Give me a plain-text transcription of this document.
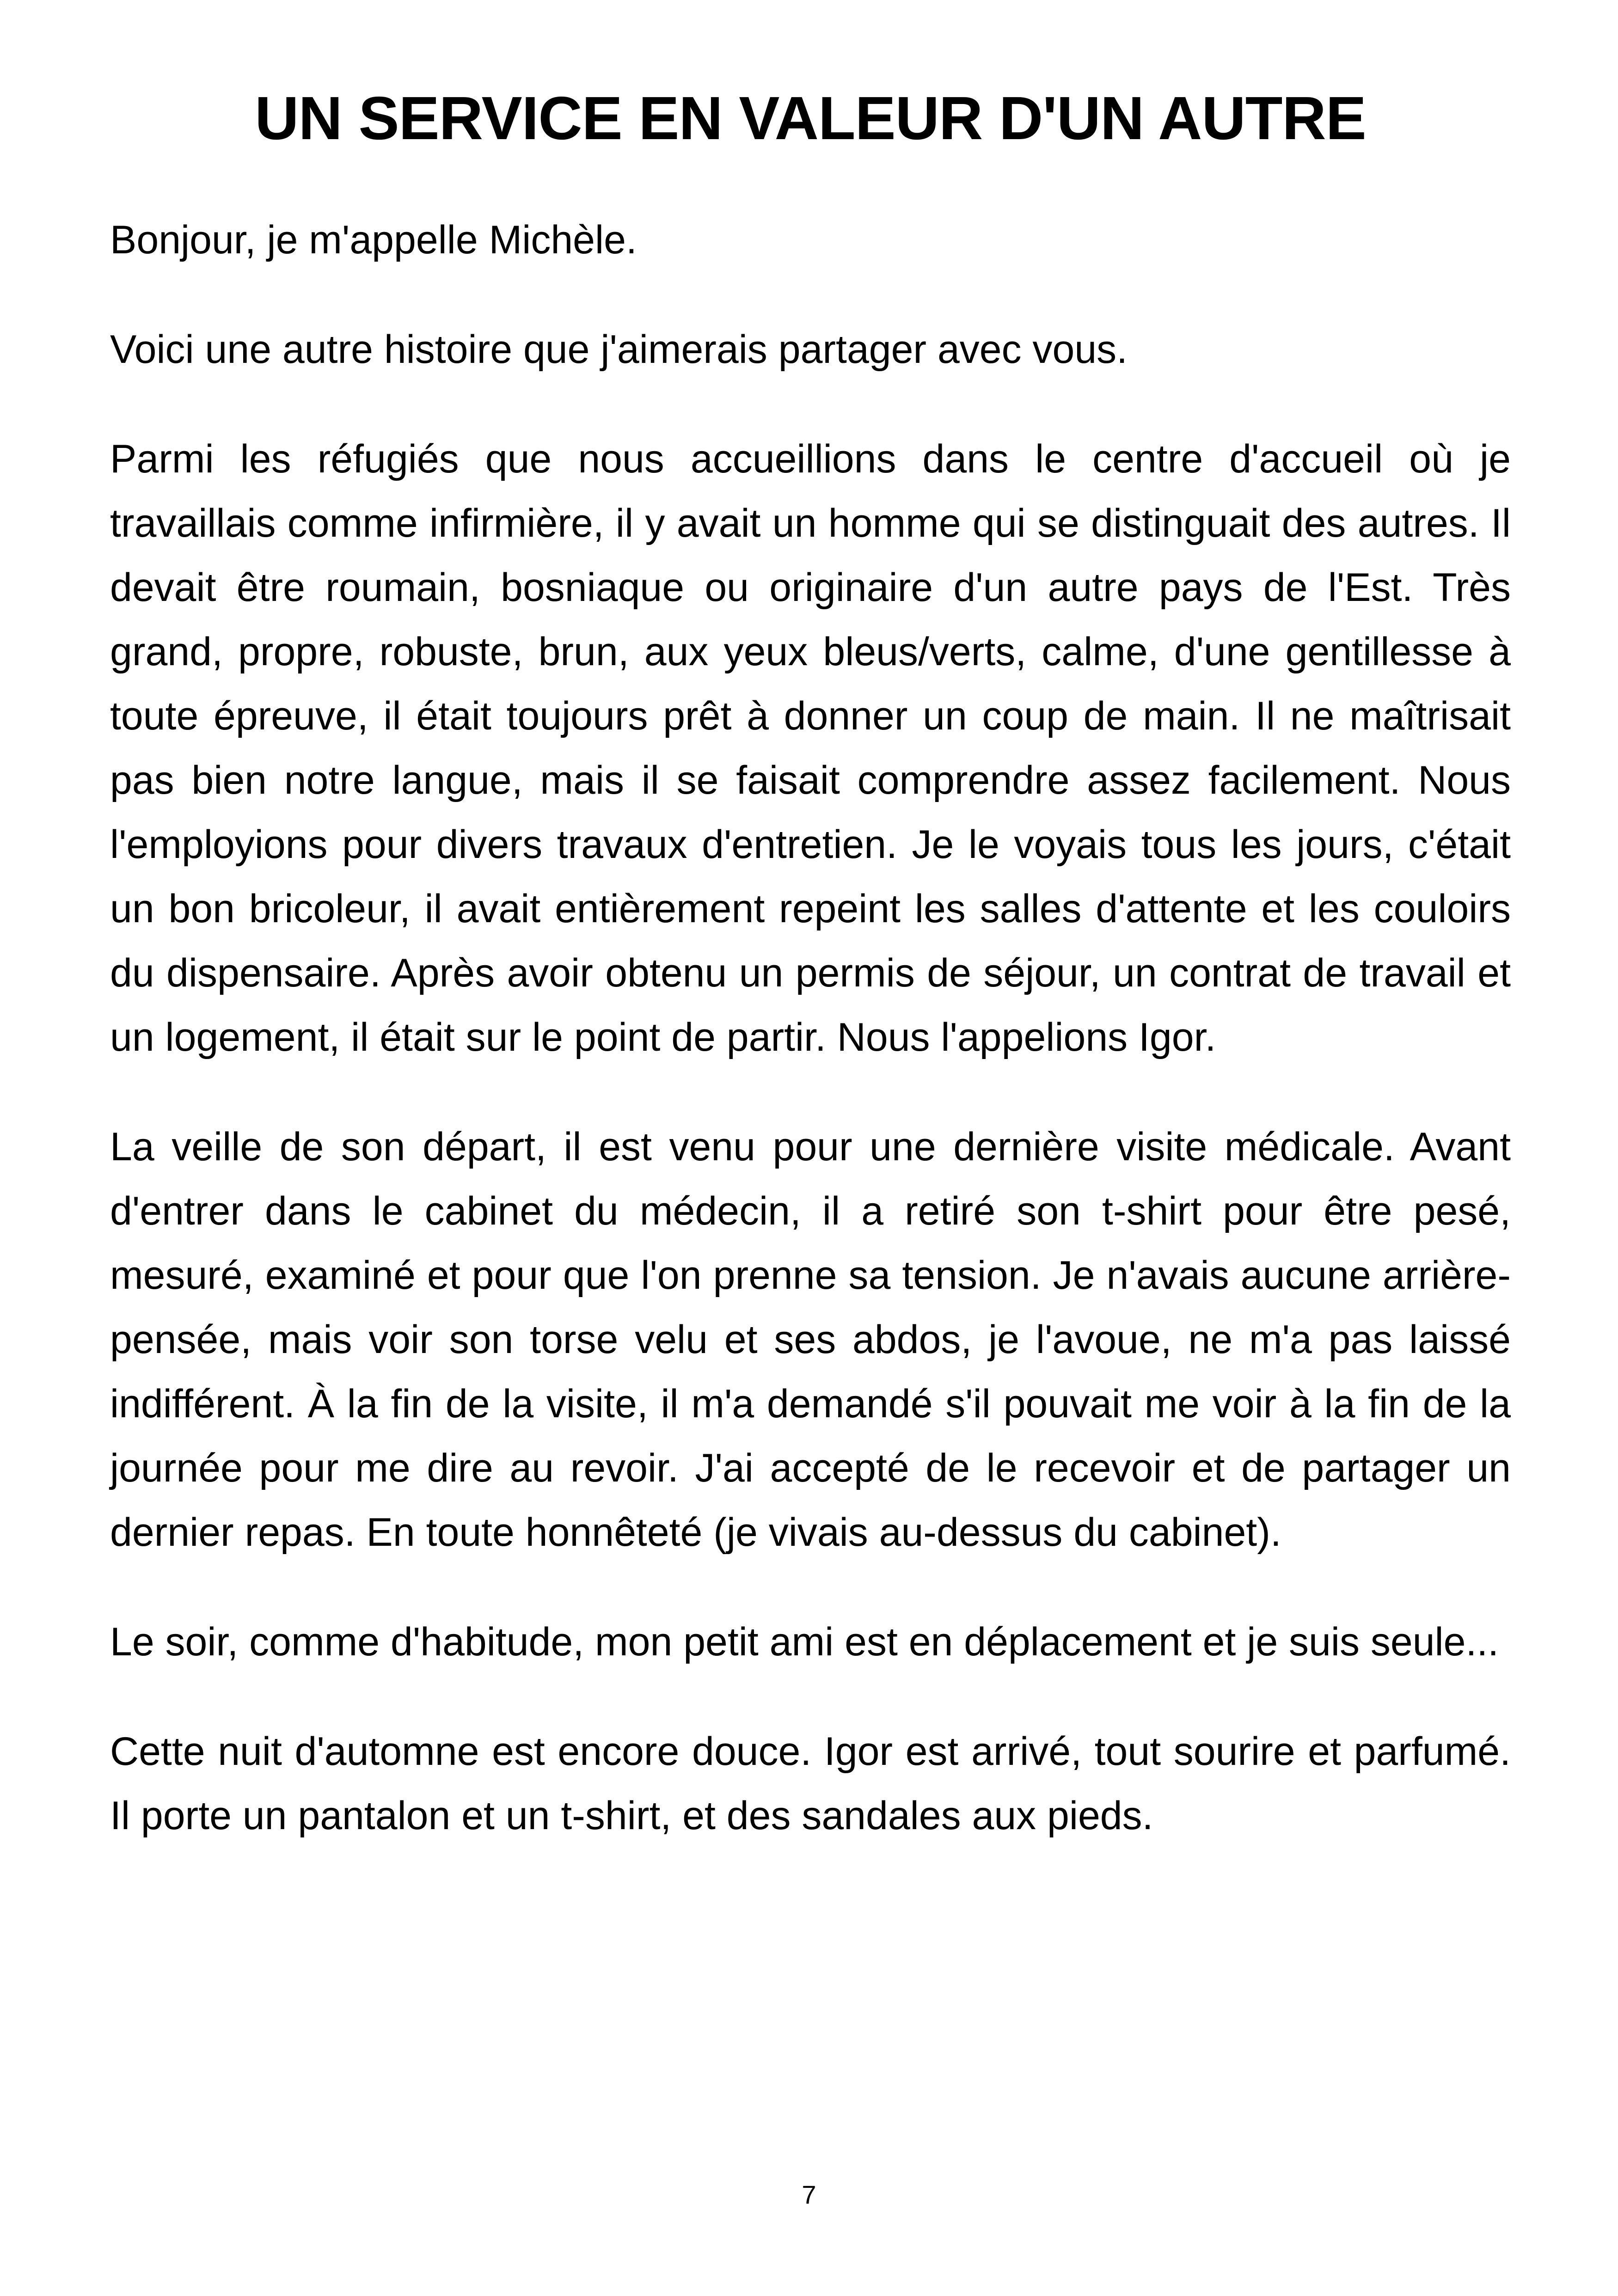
UN SERVICE EN VALEUR D'UN AUTRE

Bonjour, je m'appelle Michèle.

Voici une autre histoire que j'aimerais partager avec vous.

Parmi les réfugiés que nous accueillions dans le centre d'accueil où je travaillais comme infirmière, il y avait un homme qui se distinguait des autres. Il devait être roumain, bosniaque ou originaire d'un autre pays de l'Est. Très grand, propre, robuste, brun, aux yeux bleus/verts, calme, d'une gentillesse à toute épreuve, il était toujours prêt à donner un coup de main. Il ne maîtrisait pas bien notre langue, mais il se faisait comprendre assez facilement. Nous l'employions pour divers travaux d'entretien. Je le voyais tous les jours, c'était un bon bricoleur, il avait entièrement repeint les salles d'attente et les couloirs du dispensaire. Après avoir obtenu un permis de séjour, un contrat de travail et un logement, il était sur le point de partir. Nous l'appelions Igor.

La veille de son départ, il est venu pour une dernière visite médicale. Avant d'entrer dans le cabinet du médecin, il a retiré son t-shirt pour être pesé, mesuré, examiné et pour que l'on prenne sa tension. Je n'avais aucune arrière-pensée, mais voir son torse velu et ses abdos, je l'avoue, ne m'a pas laissé indifférent. À la fin de la visite, il m'a demandé s'il pouvait me voir à la fin de la journée pour me dire au revoir. J'ai accepté de le recevoir et de partager un dernier repas. En toute honnêteté (je vivais au-dessus du cabinet).

Le soir, comme d'habitude, mon petit ami est en déplacement et je suis seule...

Cette nuit d'automne est encore douce. Igor est arrivé, tout sourire et parfumé. Il porte un pantalon et un t-shirt, et des sandales aux pieds.

7
